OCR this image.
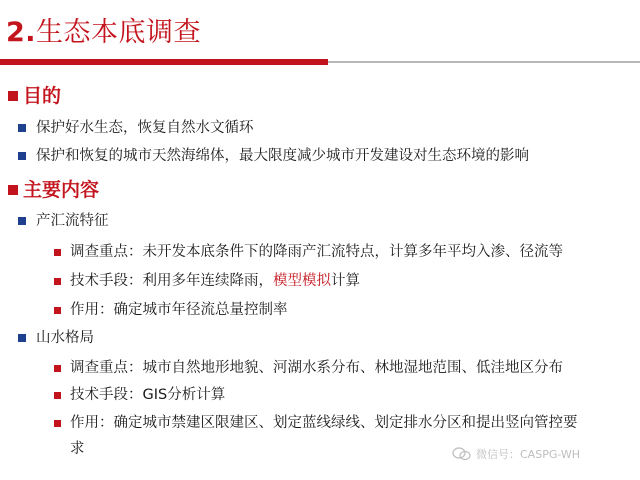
2.生态本底调查
目的
保护好水生态，恢复自然水文循环
保护和恢复的城市天然海绵体，最大限度减少城市开发建设对生态环境的影响
主要内容
产汇流特征
调查重点：未开发本底条件下的降雨产汇流特点，计算多年平均入渗、径流等
技术手段：利用多年连续降雨， 模型模拟 计算
作用：确定城市年径流总量控制率
山水格局
调查重点：城市自然地形地貌、河湖水系分布、林地湿地范围、低洼地区分布
技术手段：GIS分析计算
作用：确定城市禁建区限建区、划定蓝线绿线、划定排水分区和提出竖向管控要
求	微信号：CASPG-WH
